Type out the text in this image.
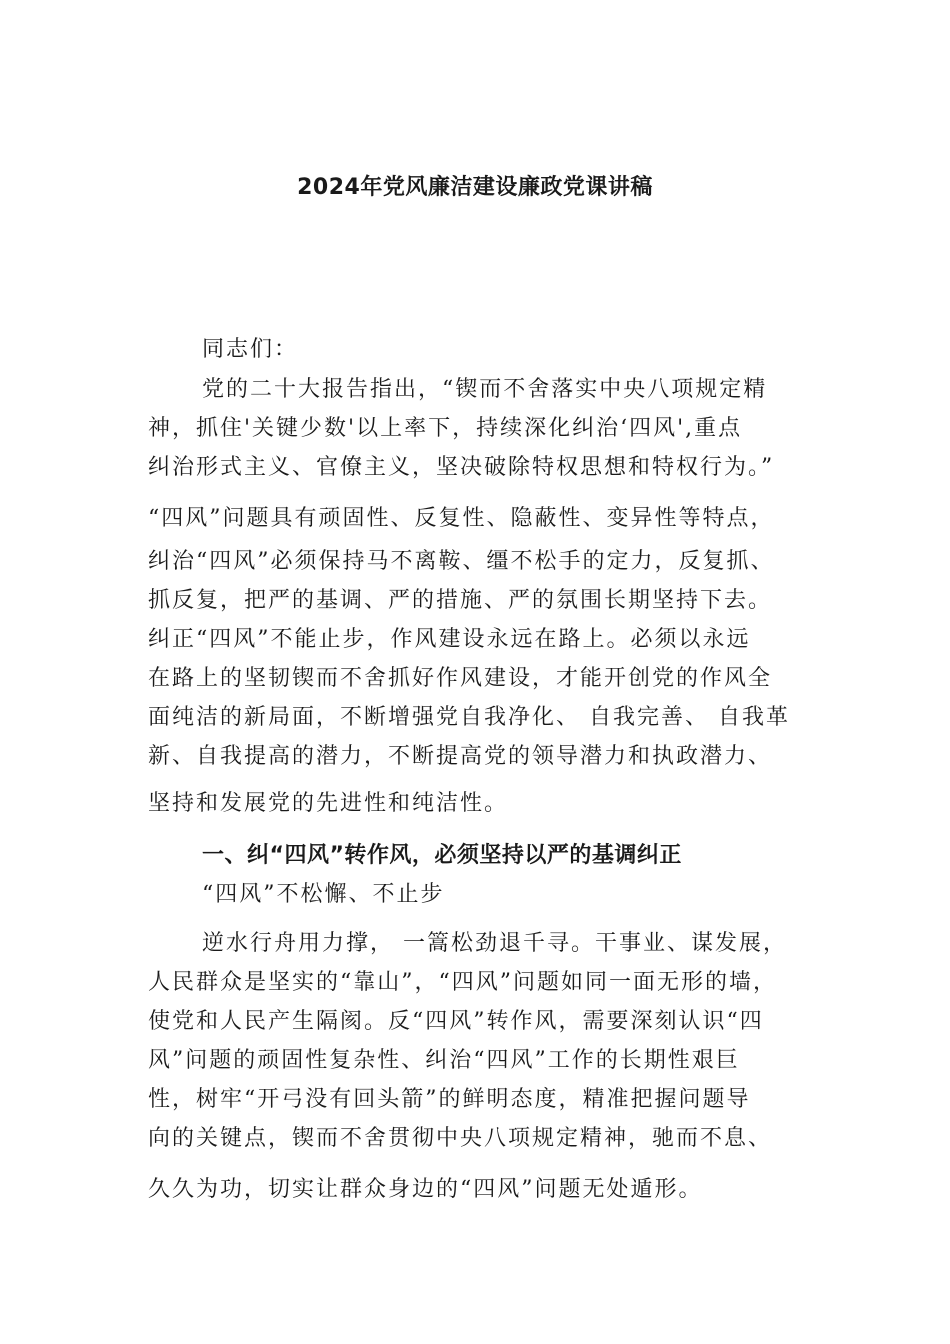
2024年党风廉洁建设廉政党课讲稿
同志们：
党的二十大报告指出，“锲而不舍落实中央八项规定精
神，抓住'关键少数'以上率下，持续深化纠治‘四风',重点
纠治形式主义、官僚主义，坚决破除特权思想和特权行为。”
“四风”问题具有顽固性、反复性、隐蔽性、变异性等特点，
纠治“四风”必须保持马不离鞍、缰不松手的定力，反复抓、
抓反复，把严的基调、严的措施、严的氛围长期坚持下去。
纠正“四风”不能止步，作风建设永远在路上。必须以永远
在路上的坚韧锲而不舍抓好作风建设，才能开创党的作风全
面纯洁的新局面，不断增强党自我净化、 自我完善、 自我革
新、自我提高的潜力，不断提高党的领导潜力和执政潜力、
坚持和发展党的先进性和纯洁性。
一、纠“四风”转作风，必须坚持以严的基调纠正
“四风”不松懈、不止步
逆水行舟用力撑， 一篙松劲退千寻。干事业、谋发展，
人民群众是坚实的“靠山”，“四风”问题如同一面无形的墙，
使党和人民产生隔阂。反“四风”转作风，需要深刻认识“四
风”问题的顽固性复杂性、纠治“四风”工作的长期性艰巨
性，树牢“开弓没有回头箭”的鲜明态度，精准把握问题导
向的关键点，锲而不舍贯彻中央八项规定精神，驰而不息、
久久为功，切实让群众身边的“四风”问题无处遁形。
